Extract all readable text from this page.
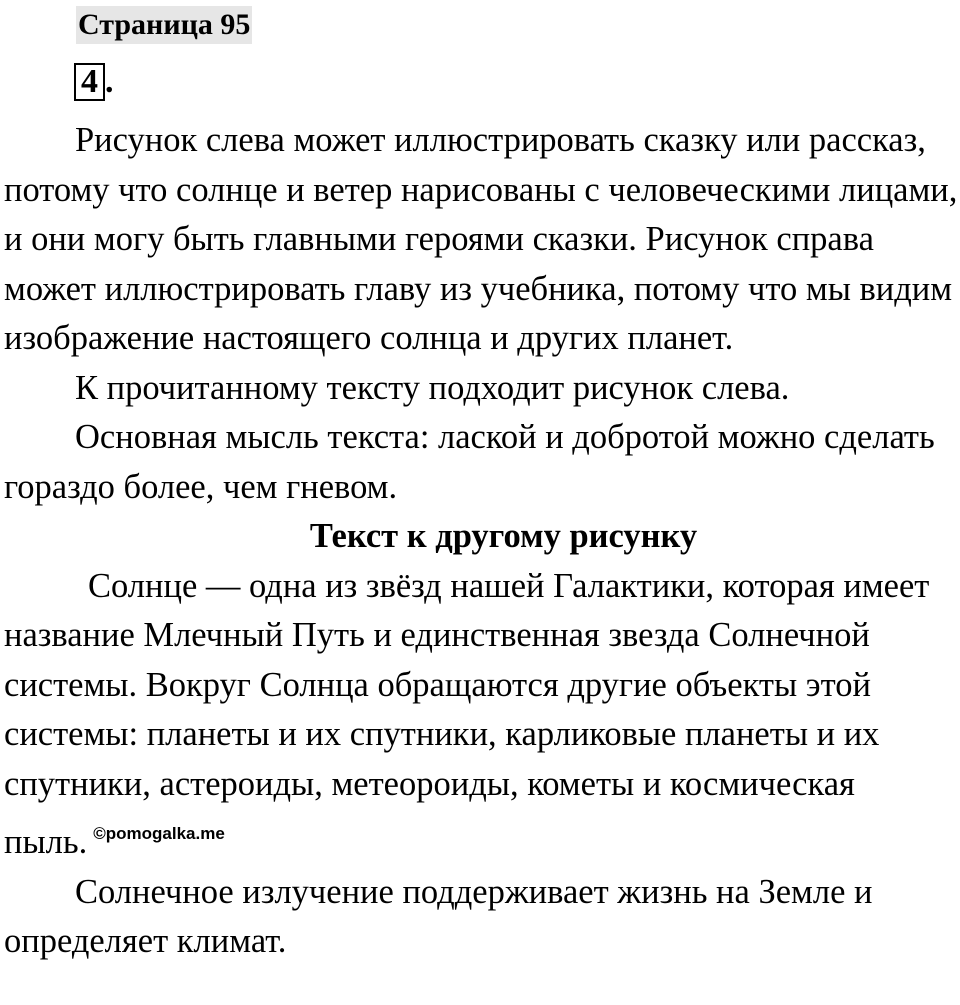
Страница 95
4 .

Рисунок слева может иллюстрировать сказку или рассказ, потому что солнце и ветер нарисованы с человеческими лицами, и они могу быть главными героями сказки. Рисунок справа может иллюстрировать главу из учебника, потому что мы видим изображение настоящего солнца и других планет.

К прочитанному тексту подходит рисунок слева.

Основная мысль текста: лаской и добротой можно сделать гораздо более, чем гневом.

Текст к другому рисунку

Солнце — одна из звёзд нашей Галактики, которая имеет название Млечный Путь и единственная звезда Солнечной системы. Вокруг Солнца обращаются другие объекты этой системы: планеты и их спутники, карликовые планеты и их спутники, астероиды, метеороиды, кометы и космическая пыль. $^{©pomogalka.me}$

Солнечное излучение поддерживает жизнь на Земле и определяет климат.
